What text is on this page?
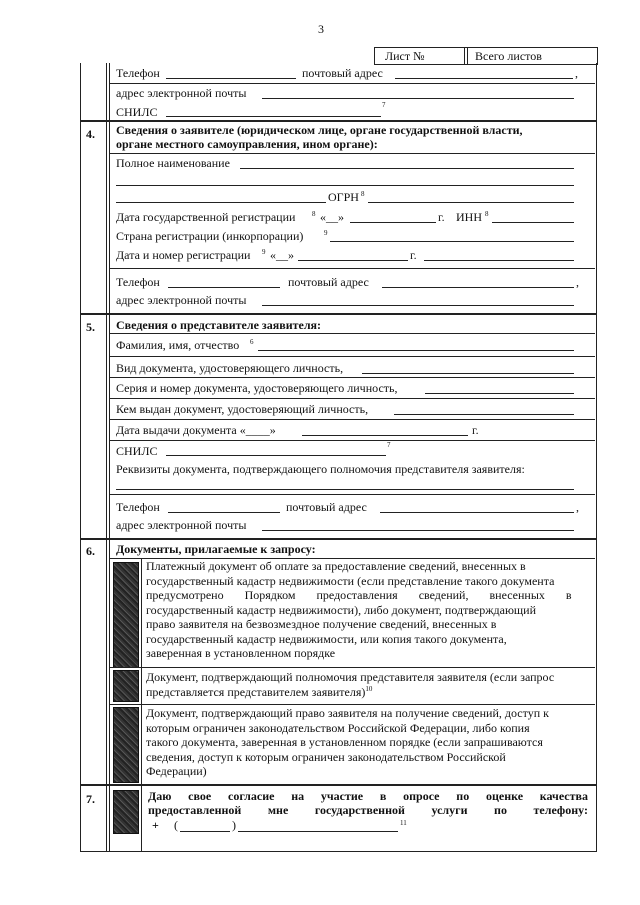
3
Лист №	Всего листов
Телефон	почтовый адрес	,
адрес электронной почты
СНИЛС	7
4. Сведения о заявителе (юридическом лице, органе государственной власти,
органе местного самоуправления, ином органе):
Полное наименование
ОГРН 8
Дата государственной регистрации 8 «__»	г. ИНН 8
Страна регистрации (инкорпорации)	9
Дата и номер регистрации 9 «__»	г.
Телефон	почтовый адрес	,
адрес электронной почты
5. Сведения о представителе заявителя:
Фамилия, имя, отчество 6
Вид документа, удостоверяющего личность,
Серия и номер документа, удостоверяющего личность,
Кем выдан документ, удостоверяющий личность,
Дата выдачи документа «____»	г.
СНИЛС	7
Реквизиты документа, подтверждающего полномочия представителя заявителя:
Телефон	почтовый адрес	,
адрес электронной почты
6. Документы, прилагаемые к запросу:
Платежный документ об оплате за предоставление сведений, внесенных в
государственный кадастр недвижимости (если представление такого документа
предусмотрено Порядком предоставления сведений, внесенных в
государственный кадастр недвижимости), либо документ, подтверждающий
право заявителя на безвозмездное получение сведений, внесенных в
государственный кадастр недвижимости, или копия такого документа,
заверенная в установленном порядке
Документ, подтверждающий полномочия представителя заявителя (если запрос
представляется представителем заявителя)$^{10}$
Документ, подтверждающий право заявителя на получение сведений, доступ к
которым ограничен законодательством Российской Федерации, либо копия
такого документа, заверенная в установленном порядке (если запрашиваются
сведения, доступ к которым ограничен законодательством Российской
Федерации)
7.	Даю свое согласие на участие в опросе по оценке качества
предоставленной мне государственной услуги по телефону:
11
+ (	)
